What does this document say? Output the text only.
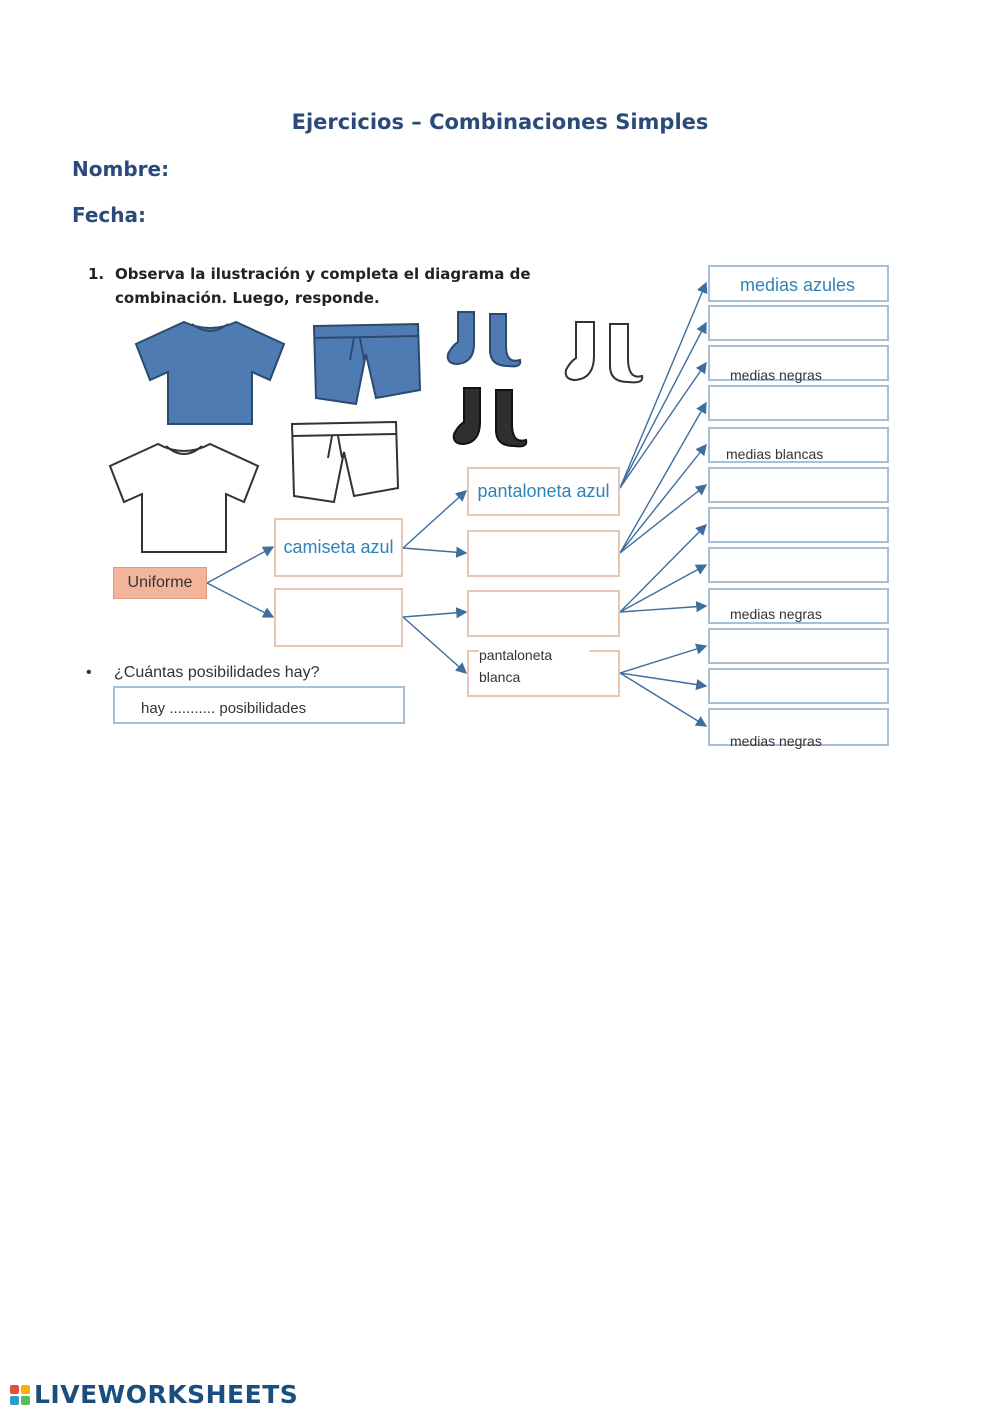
Ejercicios – Combinaciones Simples
Nombre:
Fecha:
1. Observa la ilustración y completa el diagrama de combinación. Luego, responde.
Uniforme
camiseta azul
pantaloneta azul
pantaloneta blanca
medias azules
medias negras
medias blancas
medias negras
medias negras
• ¿Cuántas posibilidades hay?
hay ........... posibilidades
LIVEWORKSHEETS
